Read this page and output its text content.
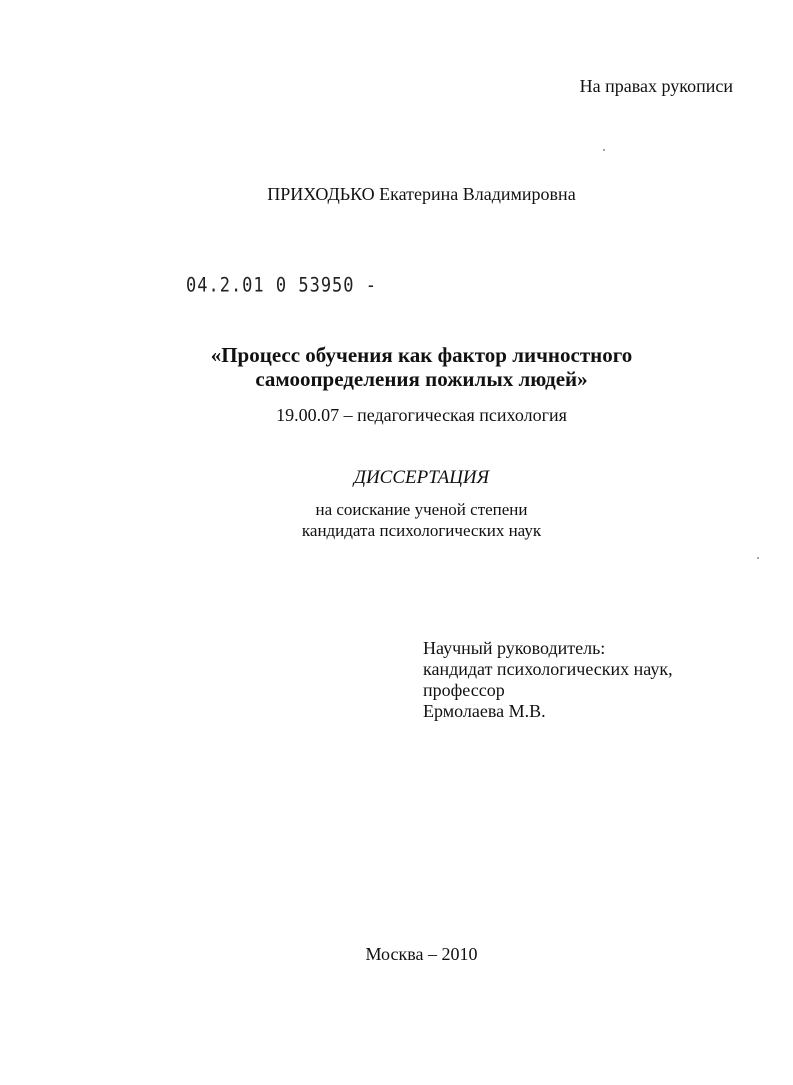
На правах рукописи
ПРИХОДЬКО Екатерина Владимировна
04.2.01 0 53950 -
«Процесс обучения как фактор личностного
самоопределения пожилых людей»
19.00.07 – педагогическая психология
ДИССЕРТАЦИЯ
на соискание ученой степени
кандидата психологических наук
Научный руководитель:
кандидат психологических наук,
профессор
Ермолаева М.В.
Москва – 2010
